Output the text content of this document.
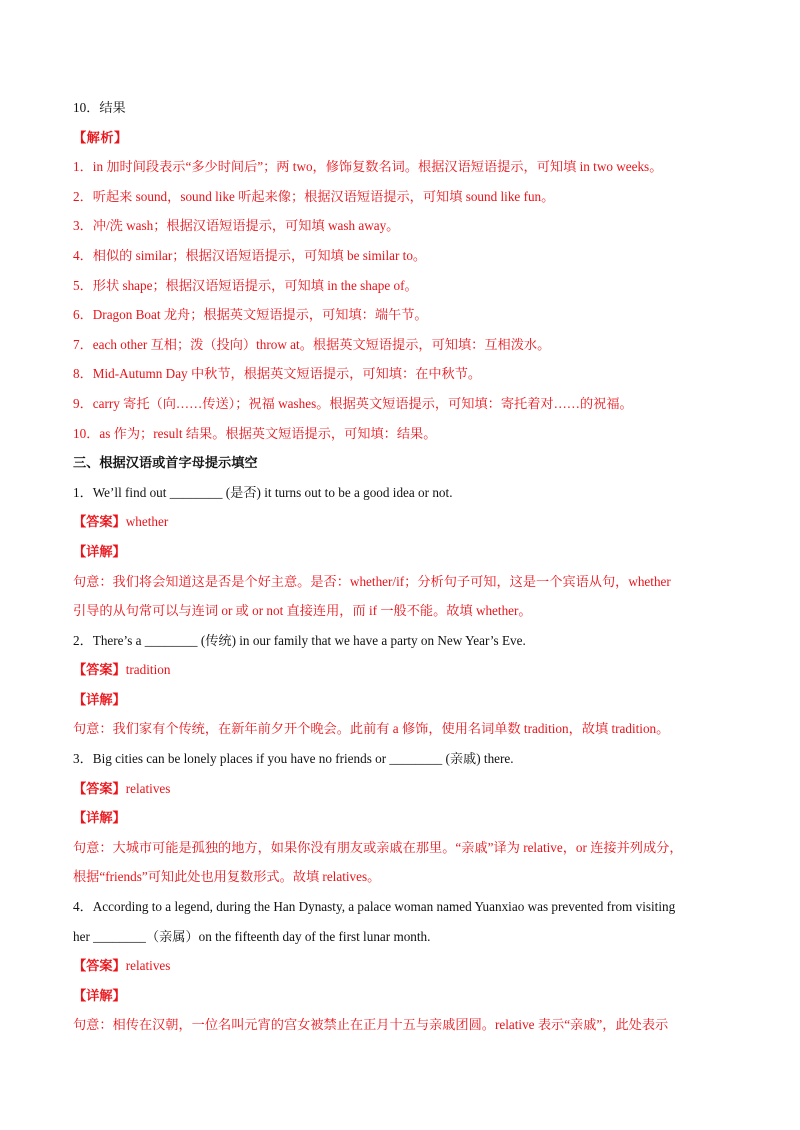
10．结果
【解析】
1．in 加时间段表示“多少时间后”；两 two，修饰复数名词。根据汉语短语提示，可知填 in two weeks。
2．听起来 sound，sound like 听起来像；根据汉语短语提示，可知填 sound like fun。
3．冲/洗 wash；根据汉语短语提示，可知填 wash away。
4．相似的 similar；根据汉语短语提示，可知填 be similar to。
5．形状 shape；根据汉语短语提示，可知填 in the shape of。
6．Dragon Boat 龙舟；根据英文短语提示，可知填：端午节。
7．each other 互相；泼（投向）throw at。根据英文短语提示，可知填：互相泼水。
8．Mid-Autumn Day 中秋节，根据英文短语提示，可知填：在中秋节。
9．carry 寄托（向……传送）；祝福 washes。根据英文短语提示，可知填：寄托着对……的祝福。
10．as 作为；result 结果。根据英文短语提示，可知填：结果。
三、根据汉语或首字母提示填空
1．We’ll find out ________ (是否) it turns out to be a good idea or not.
【答案】whether
【详解】
句意：我们将会知道这是否是个好主意。是否：whether/if；分析句子可知，这是一个宾语从句，whether
引导的从句常可以与连词 or 或 or not 直接连用，而 if 一般不能。故填 whether。
2．There’s a ________ (传统) in our family that we have a party on New Year’s Eve.
【答案】tradition
【详解】
句意：我们家有个传统，在新年前夕开个晚会。此前有 a 修饰，使用名词单数 tradition，故填 tradition。
3．Big cities can be lonely places if you have no friends or ________ (亲戚) there.
【答案】relatives
【详解】
句意：大城市可能是孤独的地方，如果你没有朋友或亲戚在那里。“亲戚”译为 relative，or 连接并列成分，
根据“friends”可知此处也用复数形式。故填 relatives。
4．According to a legend, during the Han Dynasty, a palace woman named Yuanxiao was prevented from visiting
her ________（亲属）on the fifteenth day of the first lunar month.
【答案】relatives
【详解】
句意：相传在汉朝，一位名叫元宵的宫女被禁止在正月十五与亲戚团圆。relative 表示“亲戚”，此处表示
